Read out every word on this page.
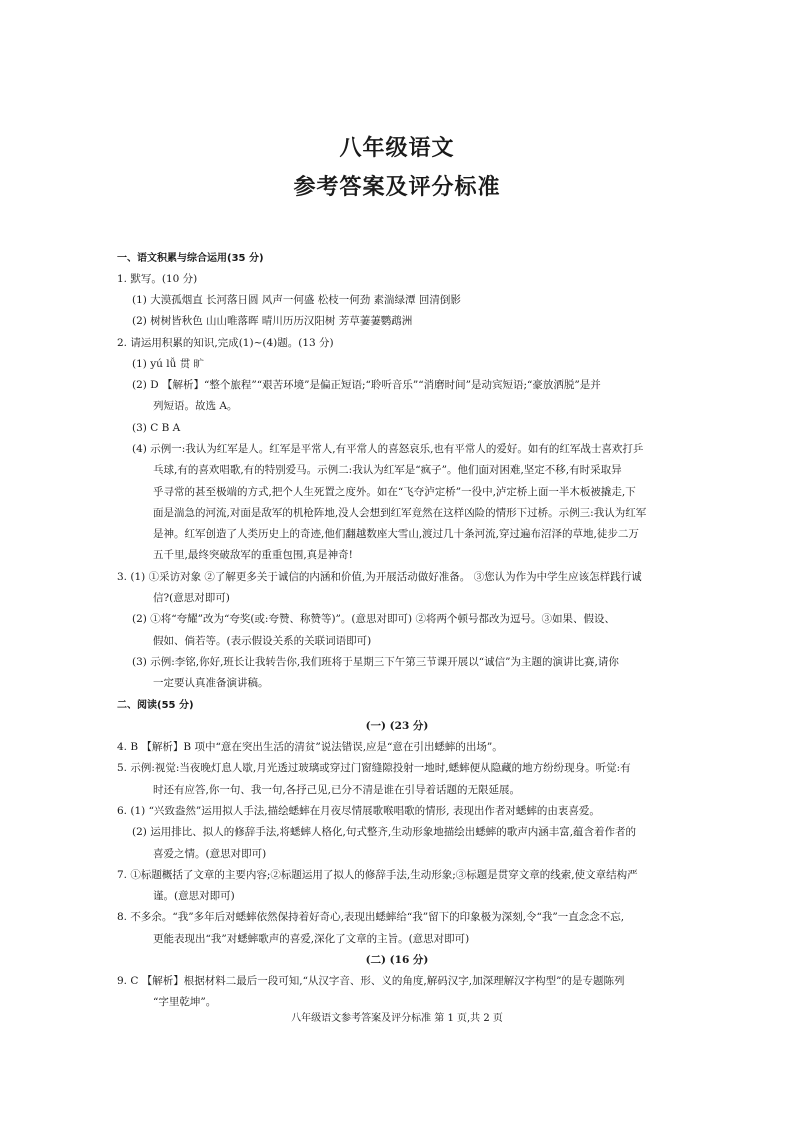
八年级语文
参考答案及评分标准
一、语文积累与综合运用(35 分)
1. 默写。(10 分)
(1) 大漠孤烟直 长河落日圆 风声一何盛 松枝一何劲 素湍绿潭 回清倒影
(2) 树树皆秋色 山山唯落晖 晴川历历汉阳树 芳草萋萋鹦鹉洲
2. 请运用积累的知识,完成(1)~(4)题。(13 分)
(1) yú lǚ 贯 旷
(2) D 【解析】“整个旅程”“艰苦环境”是偏正短语;“聆听音乐”“消磨时间”是动宾短语;“豪放洒脱”是并
列短语。故选 A。
(3) C B A
(4) 示例一:我认为红军是人。红军是平常人,有平常人的喜怒哀乐,也有平常人的爱好。如有的红军战士喜欢打乒
乓球,有的喜欢唱歌,有的特别爱马。示例二:我认为红军是“疯子”。他们面对困难,坚定不移,有时采取异
乎寻常的甚至极端的方式,把个人生死置之度外。如在“飞夺泸定桥”一役中,泸定桥上面一半木板被撬走,下
面是湍急的河流,对面是敌军的机枪阵地,没人会想到红军竟然在这样凶险的情形下过桥。示例三:我认为红军
是神。红军创造了人类历史上的奇迹,他们翻越数座大雪山,渡过几十条河流,穿过遍布沼泽的草地,徒步二万
五千里,最终突破敌军的重重包围,真是神奇!
3. (1) ①采访对象 ②了解更多关于诚信的内涵和价值,为开展活动做好准备。 ③您认为作为中学生应该怎样践行诚
信?(意思对即可)
(2) ①将“夸耀”改为“夸奖(或:夸赞、称赞等)”。(意思对即可) ②将两个顿号都改为逗号。③如果、假设、
假如、倘若等。(表示假设关系的关联词语即可)
(3) 示例:李铭,你好,班长让我转告你,我们班将于星期三下午第三节课开展以“诚信”为主题的演讲比赛,请你
一定要认真准备演讲稿。
二、阅读(55 分)
(一) (23 分)
4. B 【解析】B 项中“意在突出生活的清贫”说法错误,应是“意在引出蟋蟀的出场”。
5. 示例:视觉:当夜晚灯息人歇,月光透过玻璃或穿过门窗缝隙投射一地时,蟋蟀便从隐藏的地方纷纷现身。听觉:有
时还有应答,你一句、我一句,各抒己见,已分不清是谁在引导着话题的无限延展。
6. (1) “兴致盎然”运用拟人手法,描绘蟋蟀在月夜尽情展歌喉唱歌的情形, 表现出作者对蟋蟀的由衷喜爱。
(2) 运用排比、拟人的修辞手法,将蟋蟀人格化,句式整齐,生动形象地描绘出蟋蟀的歌声内涵丰富,蕴含着作者的
喜爱之情。(意思对即可)
7. ①标题概括了文章的主要内容;②标题运用了拟人的修辞手法,生动形象;③标题是贯穿文章的线索,使文章结构严
谨。(意思对即可)
8. 不多余。“我”多年后对蟋蟀依然保持着好奇心,表现出蟋蟀给“我”留下的印象极为深刻,令“我”一直念念不忘,
更能表现出“我”对蟋蟀歌声的喜爱,深化了文章的主旨。(意思对即可)
(二) (16 分)
9. C 【解析】根据材料二最后一段可知,“从汉字音、形、义的角度,解码汉字,加深理解汉字构型”的是专题陈列
“字里乾坤”。
八年级语文参考答案及评分标准 第 1 页,共 2 页
